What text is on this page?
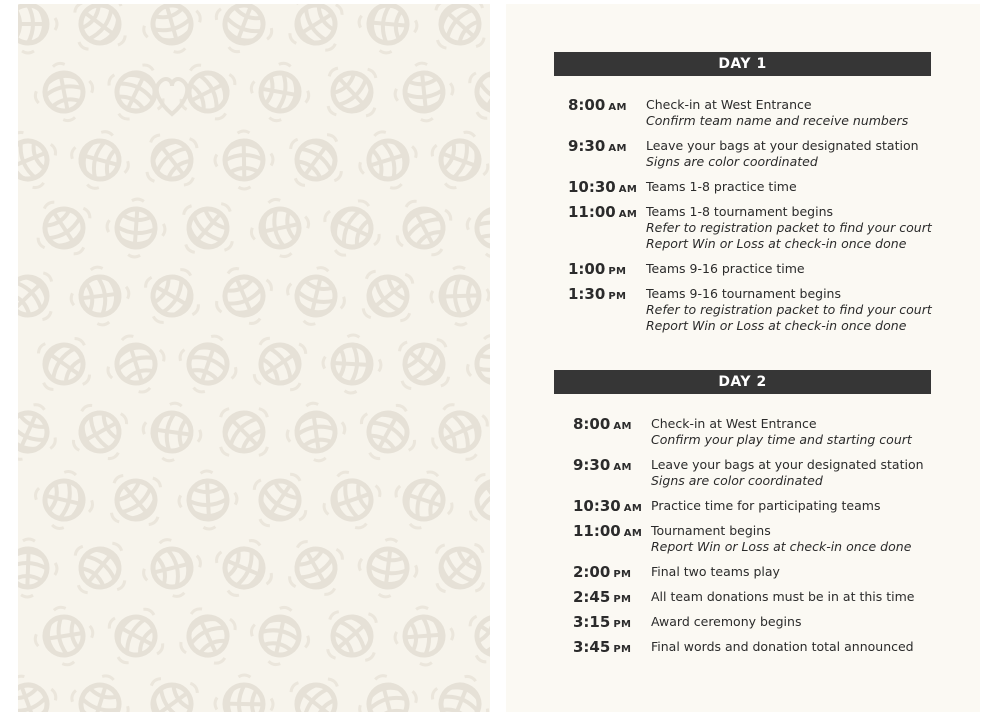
DAY 1
8:00 AM Check-in at West Entrance
Confirm team name and receive numbers
9:30 AM Leave your bags at your designated station
Signs are color coordinated
10:30 AM Teams 1-8 practice time
11:00 AM Teams 1-8 tournament begins
Refer to registration packet to find your court
Report Win or Loss at check-in once done
1:00 PM Teams 9-16 practice time
1:30 PM Teams 9-16 tournament begins
Refer to registration packet to find your court
Report Win or Loss at check-in once done
DAY 2
8:00 AM Check-in at West Entrance
Confirm your play time and starting court
9:30 AM Leave your bags at your designated station
Signs are color coordinated
10:30 AM Practice time for participating teams
11:00 AM Tournament begins
Report Win or Loss at check-in once done
2:00 PM Final two teams play
2:45 PM All team donations must be in at this time
3:15 PM Award ceremony begins
3:45 PM Final words and donation total announced
